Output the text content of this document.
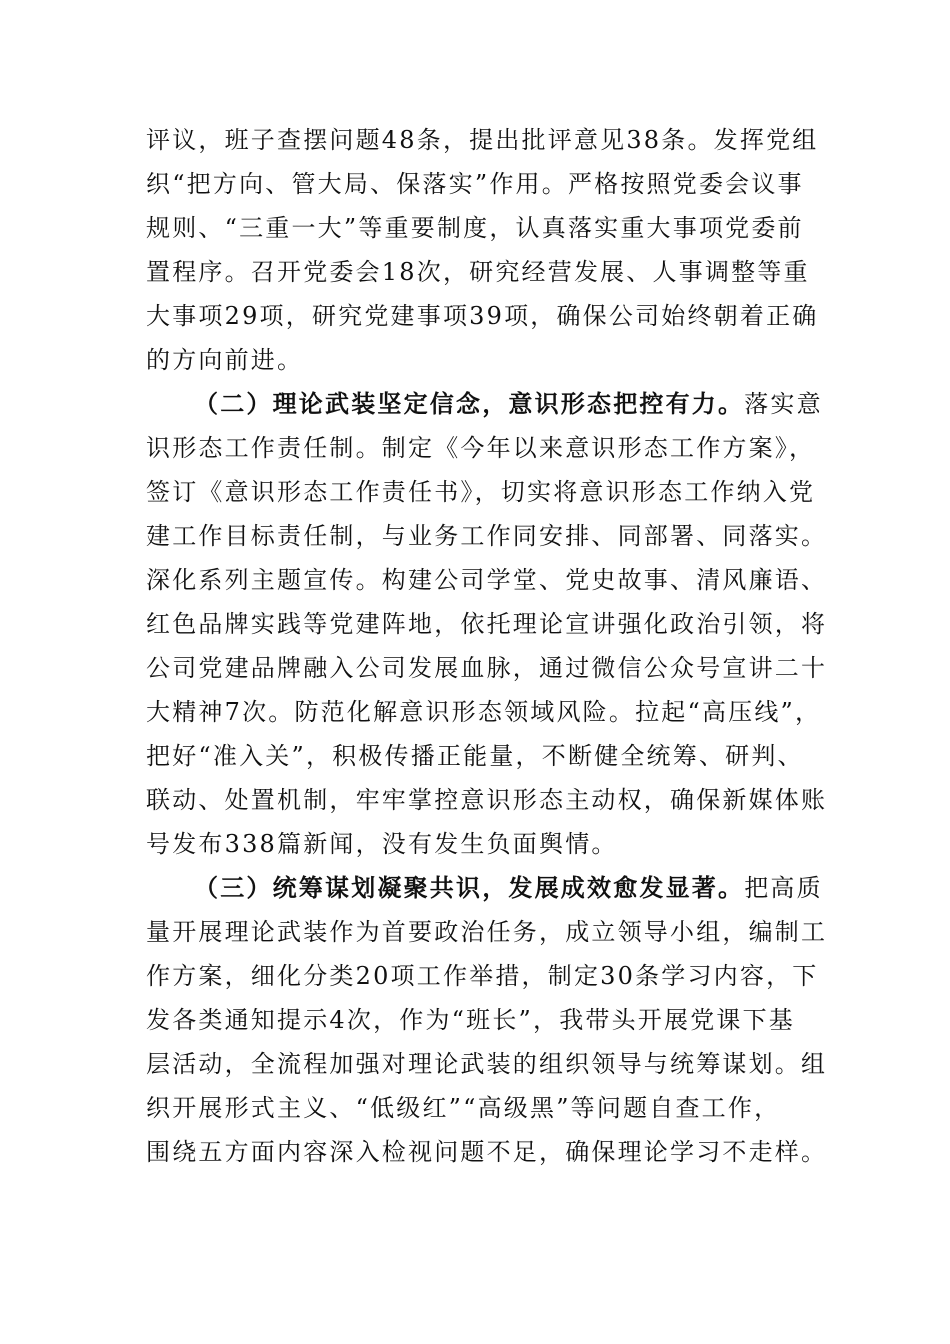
评议，班子查摆问题48条，提出批评意见38条。发挥党组
织“把方向、管大局、保落实”作用。严格按照党委会议事
规则、“三重一大”等重要制度，认真落实重大事项党委前
置程序。召开党委会18次，研究经营发展、人事调整等重
大事项29项，研究党建事项39项，确保公司始终朝着正确
的方向前进。
（二）理论武装坚定信念，意识形态把控有力。落实意
识形态工作责任制。制定《今年以来意识形态工作方案》，
签订《意识形态工作责任书》，切实将意识形态工作纳入党
建工作目标责任制，与业务工作同安排、同部署、同落实。
深化系列主题宣传。构建公司学堂、党史故事、清风廉语、
红色品牌实践等党建阵地，依托理论宣讲强化政治引领，将
公司党建品牌融入公司发展血脉，通过微信公众号宣讲二十
大精神7次。防范化解意识形态领域风险。拉起“高压线”，
把好“准入关”，积极传播正能量，不断健全统筹、研判、
联动、处置机制，牢牢掌控意识形态主动权，确保新媒体账
号发布338篇新闻，没有发生负面舆情。
（三）统筹谋划凝聚共识，发展成效愈发显著。把高质
量开展理论武装作为首要政治任务，成立领导小组，编制工
作方案，细化分类20项工作举措，制定30条学习内容，下
发各类通知提示4次，作为“班长”，我带头开展党课下基
层活动，全流程加强对理论武装的组织领导与统筹谋划。组
织开展形式主义、“低级红”“高级黑”等问题自查工作，
围绕五方面内容深入检视问题不足，确保理论学习不走样。
